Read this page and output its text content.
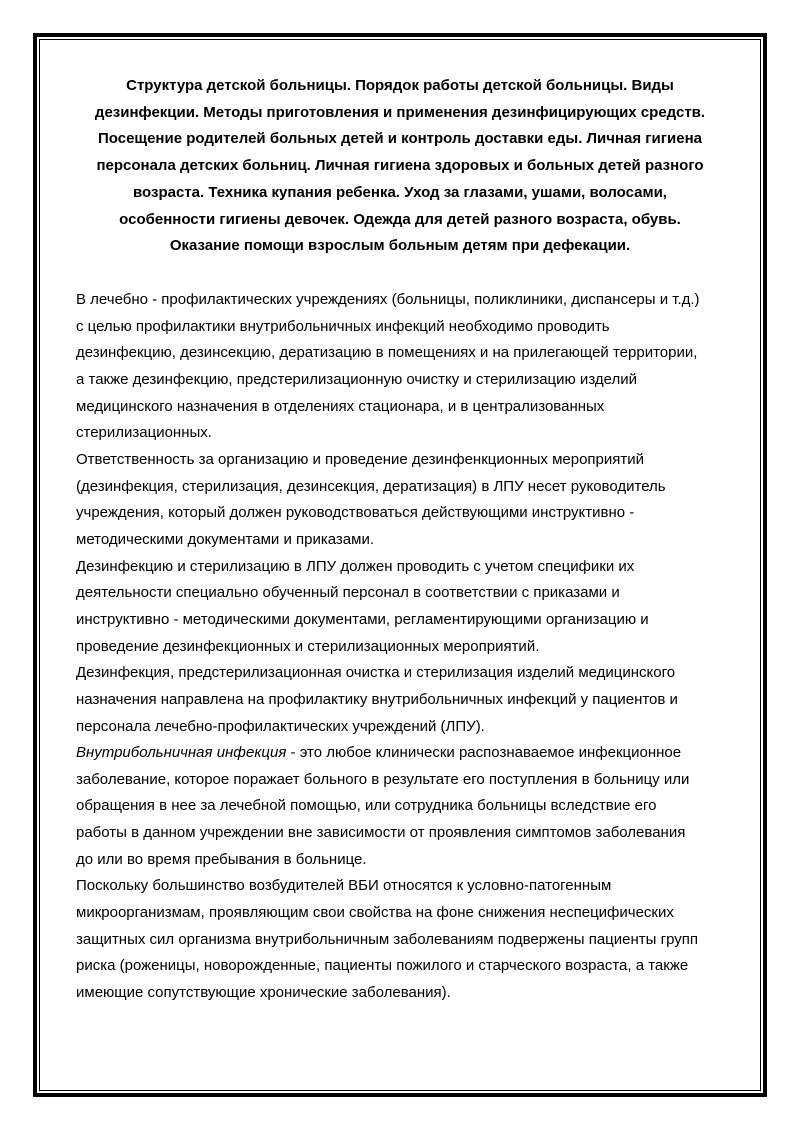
Структура детской больницы. Порядок работы детской больницы. Виды
дезинфекции. Методы приготовления и применения дезинфицирующих средств.
Посещение родителей больных детей и контроль доставки еды. Личная гигиена
персонала детских больниц. Личная гигиена здоровых и больных детей разного
возраста. Техника купания ребенка. Уход за глазами, ушами, волосами,
особенности гигиены девочек. Одежда для детей разного возраста, обувь.
Оказание помощи взрослым больным детям при дефекации.

В лечебно - профилактических учреждениях (больницы, поликлиники, диспансеры и т.д.)
с целью профилактики внутрибольничных инфекций необходимо проводить
дезинфекцию, дезинсекцию, дератизацию в помещениях и на прилегающей территории,
а также дезинфекцию, предстерилизационную очистку и стерилизацию изделий
медицинского назначения в отделениях стационара, и в централизованных
стерилизационных.

Ответственность за организацию и проведение дезинфенкционных мероприятий
(дезинфекция, стерилизация, дезинсекция, дератизация) в ЛПУ несет руководитель
учреждения, который должен руководствоваться действующими инструктивно -
методическими документами и приказами.

Дезинфекцию и стерилизацию в ЛПУ должен проводить с учетом специфики их
деятельности специально обученный персонал в соответствии с приказами и
инструктивно - методическими документами, регламентирующими организацию и
проведение дезинфекционных и стерилизационных мероприятий.

Дезинфекция, предстерилизационная очистка и стерилизация изделий медицинского
назначения направлена на профилактику внутрибольничных инфекций у пациентов и
персонала лечебно-профилактических учреждений (ЛПУ).

Внутрибольничная инфекция - это любое клинически распознаваемое инфекционное
заболевание, которое поражает больного в результате его поступления в больницу или
обращения в нее за лечебной помощью, или сотрудника больницы вследствие его
работы в данном учреждении вне зависимости от проявления симптомов заболевания
до или во время пребывания в больнице.

Поскольку большинство возбудителей ВБИ относятся к условно-патогенным
микроорганизмам, проявляющим свои свойства на фоне снижения неспецифических
защитных сил организма внутрибольничным заболеваниям подвержены пациенты групп
риска (роженицы, новорожденные, пациенты пожилого и старческого возраста, а также
имеющие сопутствующие хронические заболевания).
